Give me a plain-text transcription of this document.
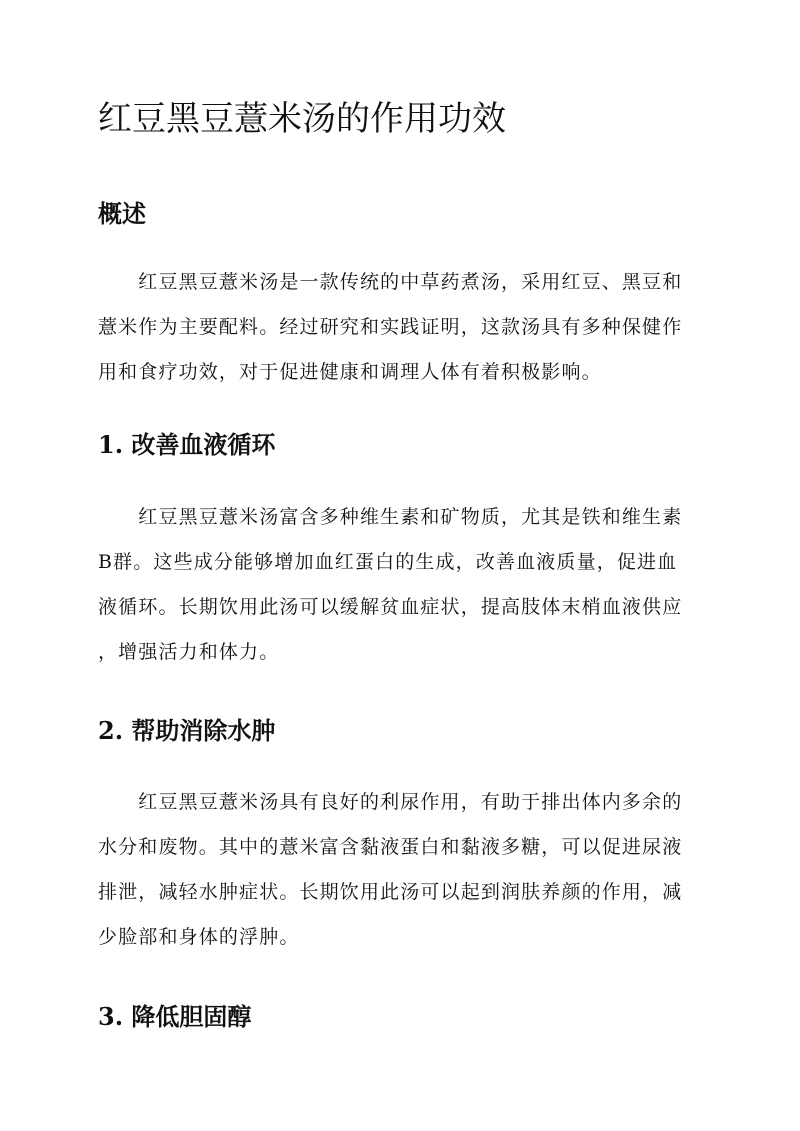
红豆黑豆薏米汤的作用功效
概述
　　红豆黑豆薏米汤是一款传统的中草药煮汤，采用红豆、黑豆和
薏米作为主要配料。经过研究和实践证明，这款汤具有多种保健作
用和食疗功效，对于促进健康和调理人体有着积极影响。
1. 改善血液循环
　　红豆黑豆薏米汤富含多种维生素和矿物质，尤其是铁和维生素
B群。这些成分能够增加血红蛋白的生成，改善血液质量，促进血
液循环。长期饮用此汤可以缓解贫血症状，提高肢体末梢血液供应
，增强活力和体力。
2. 帮助消除水肿
　　红豆黑豆薏米汤具有良好的利尿作用，有助于排出体内多余的
水分和废物。其中的薏米富含黏液蛋白和黏液多糖，可以促进尿液
排泄，减轻水肿症状。长期饮用此汤可以起到润肤养颜的作用，减
少脸部和身体的浮肿。
3. 降低胆固醇
